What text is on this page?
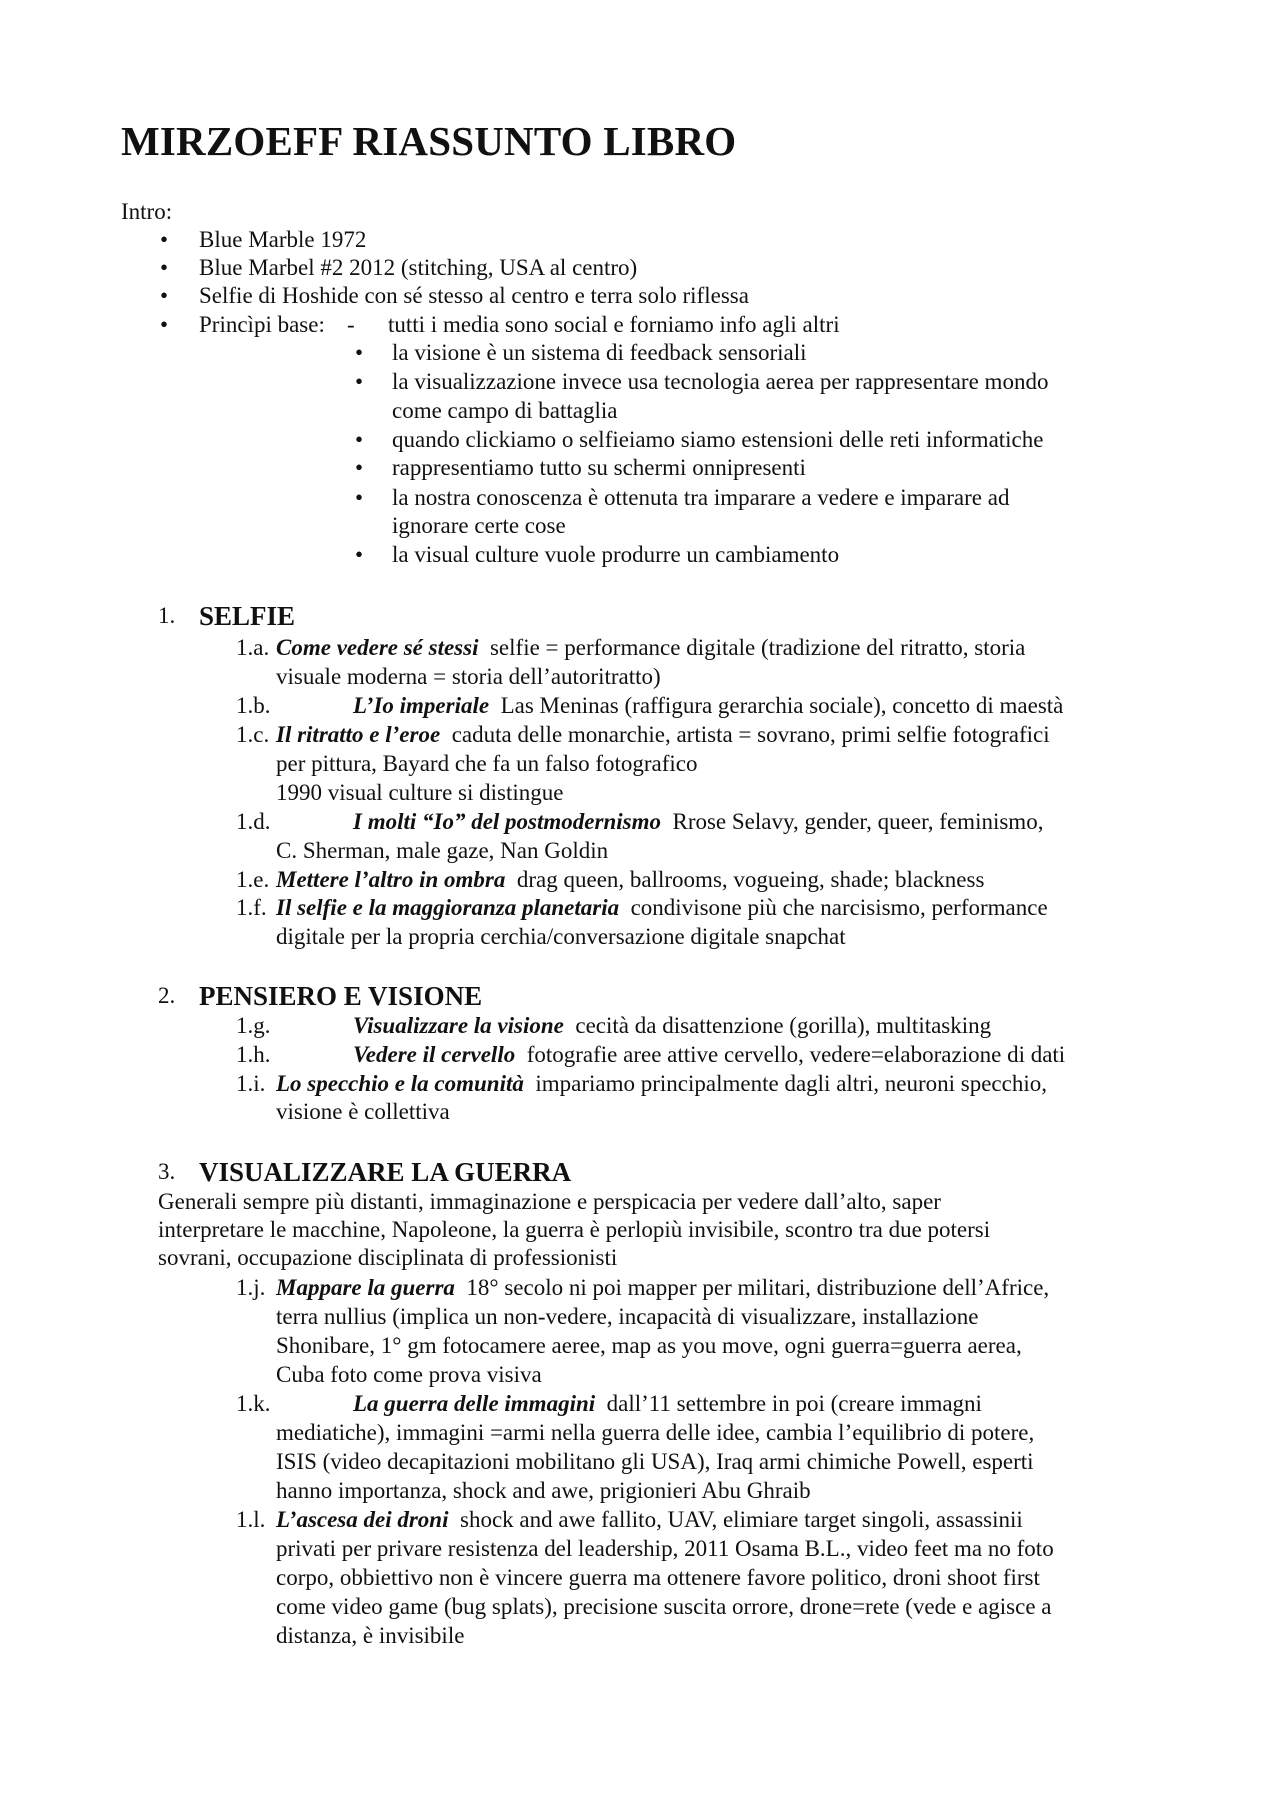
MIRZOEFF RIASSUNTO LIBRO
Intro:
• Blue Marble 1972
• Blue Marbel #2 2012 (stitching, USA al centro)
• Selfie di Hoshide con sé stesso al centro e terra solo riflessa
• Princìpi base: - tutti i media sono social e forniamo info agli altri
• la visione è un sistema di feedback sensoriali
• la visualizzazione invece usa tecnologia aerea per rappresentare mondo
come campo di battaglia
• quando clickiamo o selfieiamo siamo estensioni delle reti informatiche
• rappresentiamo tutto su schermi onnipresenti
• la nostra conoscenza è ottenuta tra imparare a vedere e imparare ad
ignorare certe cose
• la visual culture vuole produrre un cambiamento
1. SELFIE
1.a. Come vedere sé stessi selfie = performance digitale (tradizione del ritratto, storia
visuale moderna = storia dell’autoritratto)
1.b.	L’Io imperiale Las Meninas (raffigura gerarchia sociale), concetto di maestà
1.c. Il ritratto e l’eroe caduta delle monarchie, artista = sovrano, primi selfie fotografici
per pittura, Bayard che fa un falso fotografico
1990 visual culture si distingue
1.d.	I molti “Io” del postmodernismo Rrose Selavy, gender, queer, feminismo,
C. Sherman, male gaze, Nan Goldin
1.e. Mettere l’altro in ombra drag queen, ballrooms, vogueing, shade; blackness
1.f. Il selfie e la maggioranza planetaria condivisone più che narcisismo, performance
digitale per la propria cerchia/conversazione digitale snapchat
2. PENSIERO E VISIONE
1.g.	Visualizzare la visione cecità da disattenzione (gorilla), multitasking
1.h.	Vedere il cervello fotografie aree attive cervello, vedere=elaborazione di dati
1.i. Lo specchio e la comunità impariamo principalmente dagli altri, neuroni specchio,
visione è collettiva
3. VISUALIZZARE LA GUERRA
Generali sempre più distanti, immaginazione e perspicacia per vedere dall’alto, saper
interpretare le macchine, Napoleone, la guerra è perlopiù invisibile, scontro tra due potersi
sovrani, occupazione disciplinata di professionisti
1.j. Mappare la guerra 18° secolo ni poi mapper per militari, distribuzione dell’Africe,
terra nullius (implica un non-vedere, incapacità di visualizzare, installazione
Shonibare, 1° gm fotocamere aeree, map as you move, ogni guerra=guerra aerea,
Cuba foto come prova visiva
1.k.	La guerra delle immagini dall’11 settembre in poi (creare immagni
mediatiche), immagini =armi nella guerra delle idee, cambia l’equilibrio di potere,
ISIS (video decapitazioni mobilitano gli USA), Iraq armi chimiche Powell, esperti
hanno importanza, shock and awe, prigionieri Abu Ghraib
1.l. L’ascesa dei droni shock and awe fallito, UAV, elimiare target singoli, assassinii
privati per privare resistenza del leadership, 2011 Osama B.L., video feet ma no foto
corpo, obbiettivo non è vincere guerra ma ottenere favore politico, droni shoot first
come video game (bug splats), precisione suscita orrore, drone=rete (vede e agisce a
distanza, è invisibile
